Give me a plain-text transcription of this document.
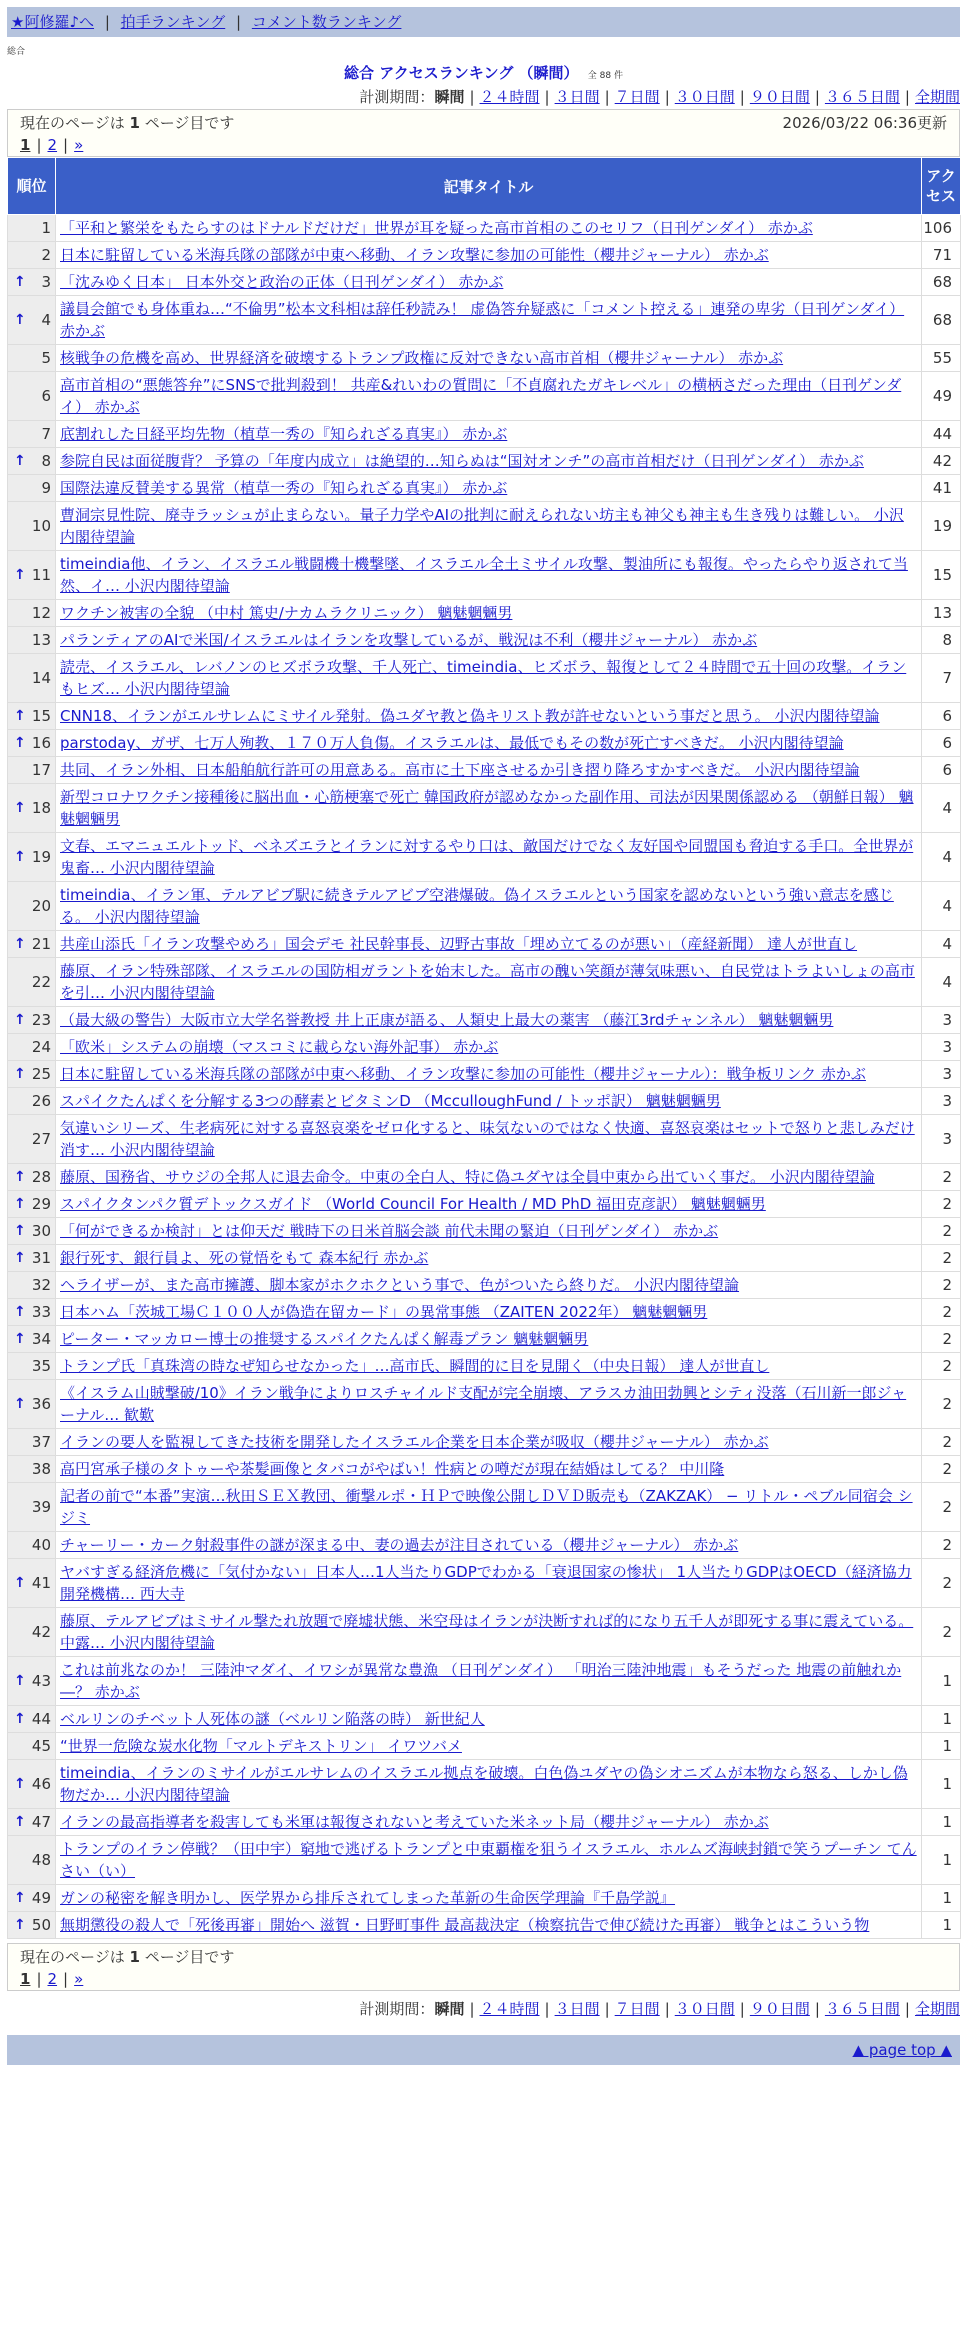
★阿修羅♪へ | 拍手ランキング | コメント数ランキング
総合
総合 アクセスランキング （瞬間） 全 88 件
計測期間：瞬間 | ２４時間 | ３日間 | ７日間 | ３０日間 | ９０日間 | ３６５日間 | 全期間
現在のページは 1 ページ目です	2026/03/22 06:36更新
1 | 2 | »
順位	記事タイトル	アクセス
1	「平和と繁栄をもたらすのはドナルドだけだ」世界が耳を疑った高市首相のこのセリフ（日刊ゲンダイ） 赤かぶ	106
2	日本に駐留している米海兵隊の部隊が中東へ移動、イラン攻撃に参加の可能性（櫻井ジャーナル） 赤かぶ	71

↑ 3	「沈みゆく日本」 日本外交と政治の正体（日刊ゲンダイ） 赤かぶ	68

↑ 4	議員会館でも身体重ね…“不倫男”松本文科相は辞任秒読み！ 虚偽答弁疑惑に「コメント控える」連発の卑劣（日刊ゲンダイ） 赤かぶ	68
5	核戦争の危機を高め、世界経済を破壊するトランプ政権に反対できない高市首相（櫻井ジャーナル） 赤かぶ	55
6	高市首相の“悪態答弁”にSNSで批判殺到！ 共産&れいわの質問に「不貞腐れたガキレベル」の横柄さだった理由（日刊ゲンダイ） 赤かぶ	49
7	底割れした日経平均先物（植草一秀の『知られざる真実』） 赤かぶ	44

↑ 8	参院自民は面従腹背？ 予算の「年度内成立」は絶望的…知らぬは“国対オンチ”の高市首相だけ（日刊ゲンダイ） 赤かぶ	42
9	国際法違反賛美する異常（植草一秀の『知られざる真実』） 赤かぶ	41
10	曹洞宗見性院、廃寺ラッシュが止まらない。量子力学やAIの批判に耐えられない坊主も神父も神主も生き残りは難しい。 小沢内閣待望論	19

↑ 11	timeindia他、イラン、イスラエル戦闘機十機撃墜、イスラエル全土ミサイル攻撃、製油所にも報復。やったらやり返されて当然、イ… 小沢内閣待望論	15
12	ワクチン被害の全貌 （中村 篤史/ナカムラクリニック） 魑魅魍魎男	13
13	パランティアのAIで米国/イスラエルはイランを攻撃しているが、戦況は不利（櫻井ジャーナル） 赤かぶ	8
14	読売、イスラエル、レバノンのヒズボラ攻撃、千人死亡、timeindia、ヒズボラ、報復として２４時間で五十回の攻撃。イランもヒズ… 小沢内閣待望論	7

↑ 15	CNN18、イランがエルサレムにミサイル発射。偽ユダヤ教と偽キリスト教が許せないという事だと思う。 小沢内閣待望論	6

↑ 16	parstoday、ガザ、七万人殉教、１７０万人負傷。イスラエルは、最低でもその数が死亡すべきだ。 小沢内閣待望論	6
17	共同、イラン外相、日本船舶航行許可の用意ある。高市に土下座させるか引き摺り降ろすかすべきだ。 小沢内閣待望論	6

↑ 18	新型コロナワクチン接種後に脳出血・心筋梗塞で死亡 韓国政府が認めなかった副作用、司法が因果関係認める （朝鮮日報） 魑魅魍魎男	4

↑ 19	文春、エマニュエルトッド、ベネズエラとイランに対するやり口は、敵国だけでなく友好国や同盟国も脅迫する手口。全世界が鬼畜… 小沢内閣待望論	4
20	timeindia、イラン軍、テルアビブ駅に続きテルアビブ空港爆破。偽イスラエルという国家を認めないという強い意志を感じる。 小沢内閣待望論	4

↑ 21	共産山添氏「イラン攻撃やめろ」国会デモ 社民幹事長、辺野古事故「埋め立てるのが悪い」（産経新聞） 達人が世直し	4
22	藤原、イラン特殊部隊、イスラエルの国防相ガラントを始末した。高市の醜い笑顔が薄気味悪い、自民党はトラよいしょの高市を引… 小沢内閣待望論	4

↑ 23	（最大級の警告）大阪市立大学名誉教授 井上正康が語る、人類史上最大の薬害 （藤江3rdチャンネル） 魑魅魍魎男	3
24	「欧米」システムの崩壊（マスコミに載らない海外記事） 赤かぶ	3

↑ 25	日本に駐留している米海兵隊の部隊が中東へ移動、イラン攻撃に参加の可能性（櫻井ジャーナル）：戦争板リンク 赤かぶ	3
26	スパイクたんぱくを分解する3つの酵素とビタミンD （McculloughFund / トッポ訳） 魑魅魍魎男	3
27	気違いシリーズ、生老病死に対する喜怒哀楽をゼロ化すると、味気ないのではなく快適、喜怒哀楽はセットで怒りと悲しみだけ消す… 小沢内閣待望論	3

↑ 28	藤原、国務省、サウジの全邦人に退去命令。中東の全白人、特に偽ユダヤは全員中東から出ていく事だ。 小沢内閣待望論	2

↑ 29	スパイクタンパク質デトックスガイド （World Council For Health / MD PhD 福田克彦訳） 魑魅魍魎男	2

↑ 30	「何ができるか検討」とは仰天だ 戦時下の日米首脳会談 前代未聞の緊迫（日刊ゲンダイ） 赤かぶ	2

↑ 31	銀行死す、銀行員よ、死の覚悟をもて 森本紀行 赤かぶ	2
32	ヘライザーが、また高市擁護、脚本家がホクホクという事で、色がついたら終りだ。 小沢内閣待望論	2

↑ 33	日本ハム「茨城工場Ｃ１００人が偽造在留カード」の異常事態 （ZAITEN 2022年） 魑魅魍魎男	2

↑ 34	ピーター・マッカロー博士の推奨するスパイクたんぱく解毒プラン 魑魅魍魎男	2
35	トランプ氏「真珠湾の時なぜ知らせなかった」…高市氏、瞬間的に目を見開く（中央日報） 達人が世直し	2

↑ 36	《イスラム山賊撃破/10》イラン戦争によりロスチャイルド支配が完全崩壊、アラスカ油田勃興とシティ没落（石川新一郎ジャーナル… 歓歎	2
37	イランの要人を監視してきた技術を開発したイスラエル企業を日本企業が吸収（櫻井ジャーナル） 赤かぶ	2
38	高円宮承子様のタトゥーや茶髪画像とタバコがやばい！性病との噂だが現在結婚はしてる？ 中川隆	2
39	記者の前で“本番”実演…秋田ＳＥＸ教団、衝撃ルポ・ＨＰで映像公開しＤＶＤ販売も（ZAKZAK） − リトル・ペブル同宿会 シジミ	2
40	チャーリー・カーク射殺事件の謎が深まる中、妻の過去が注目されている（櫻井ジャーナル） 赤かぶ	2

↑ 41	ヤバすぎる経済危機に「気付かない」日本人…1人当たりGDPでわかる「衰退国家の惨状」 1人当たりGDPはOECD（経済協力開発機構… 西大寺	2
42	藤原、テルアビブはミサイル撃たれ放題で廃墟状態、米空母はイランが決断すれば的になり五千人が即死する事に震えている。中露… 小沢内閣待望論	2

↑ 43	これは前兆なのか！ 三陸沖マダイ、イワシが異常な豊漁 （日刊ゲンダイ） 「明治三陸沖地震」もそうだった 地震の前触れか―？ 赤かぶ	1

↑ 44	ベルリンのチベット人死体の謎（ベルリン陥落の時） 新世紀人	1
45	“世界一危険な炭水化物「マルトデキストリン」 イワツバメ	1

↑ 46	timeindia、イランのミサイルがエルサレムのイスラエル拠点を破壊。白色偽ユダヤの偽シオニズムが本物なら怒る、しかし偽物だか… 小沢内閣待望論	1

↑ 47	イランの最高指導者を殺害しても米軍は報復されないと考えていた米ネット局（櫻井ジャーナル） 赤かぶ	1
48	トランプのイラン停戦？（田中宇）窮地で逃げるトランプと中東覇権を狙うイスラエル、ホルムズ海峡封鎖で笑うプーチン てんさい（い）	1

↑ 49	ガンの秘密を解き明かし、医学界から排斥されてしまった革新の生命医学理論『千島学説』	1

↑ 50	無期懲役の殺人で「死後再審」開始へ 滋賀・日野町事件 最高裁決定（検察抗告で伸び続けた再審） 戦争とはこういう物	1
現在のページは 1 ページ目です
1 | 2 | »
計測期間：瞬間 | ２４時間 | ３日間 | ７日間 | ３０日間 | ９０日間 | ３６５日間 | 全期間
▲ page top ▲
